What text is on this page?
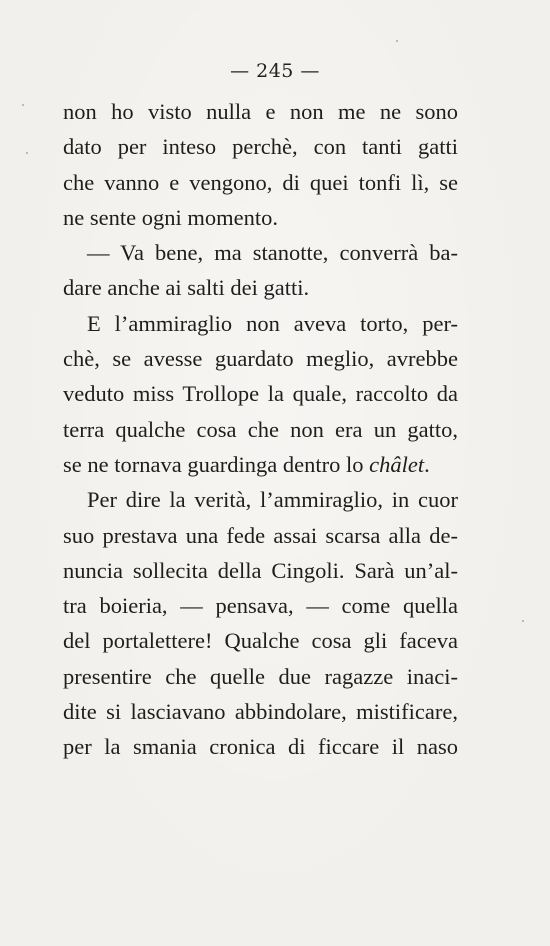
— 245 —
non ho visto nulla e non me ne sono
dato per inteso perchè, con tanti gatti
che vanno e vengono, di quei tonfi lì, se
ne sente ogni momento.
— Va bene, ma stanotte, converrà ba-
dare anche ai salti dei gatti.
E l’ammiraglio non aveva torto, per-
chè, se avesse guardato meglio, avrebbe
veduto miss Trollope la quale, raccolto da
terra qualche cosa che non era un gatto,
se ne tornava guardinga dentro lo châlet.
Per dire la verità, l’ammiraglio, in cuor
suo prestava una fede assai scarsa alla de-
nuncia sollecita della Cingoli. Sarà un’al-
tra boieria, — pensava, — come quella
del portalettere! Qualche cosa gli faceva
presentire che quelle due ragazze inaci-
dite si lasciavano abbindolare, mistificare,
per la smania cronica di ficcare il naso
